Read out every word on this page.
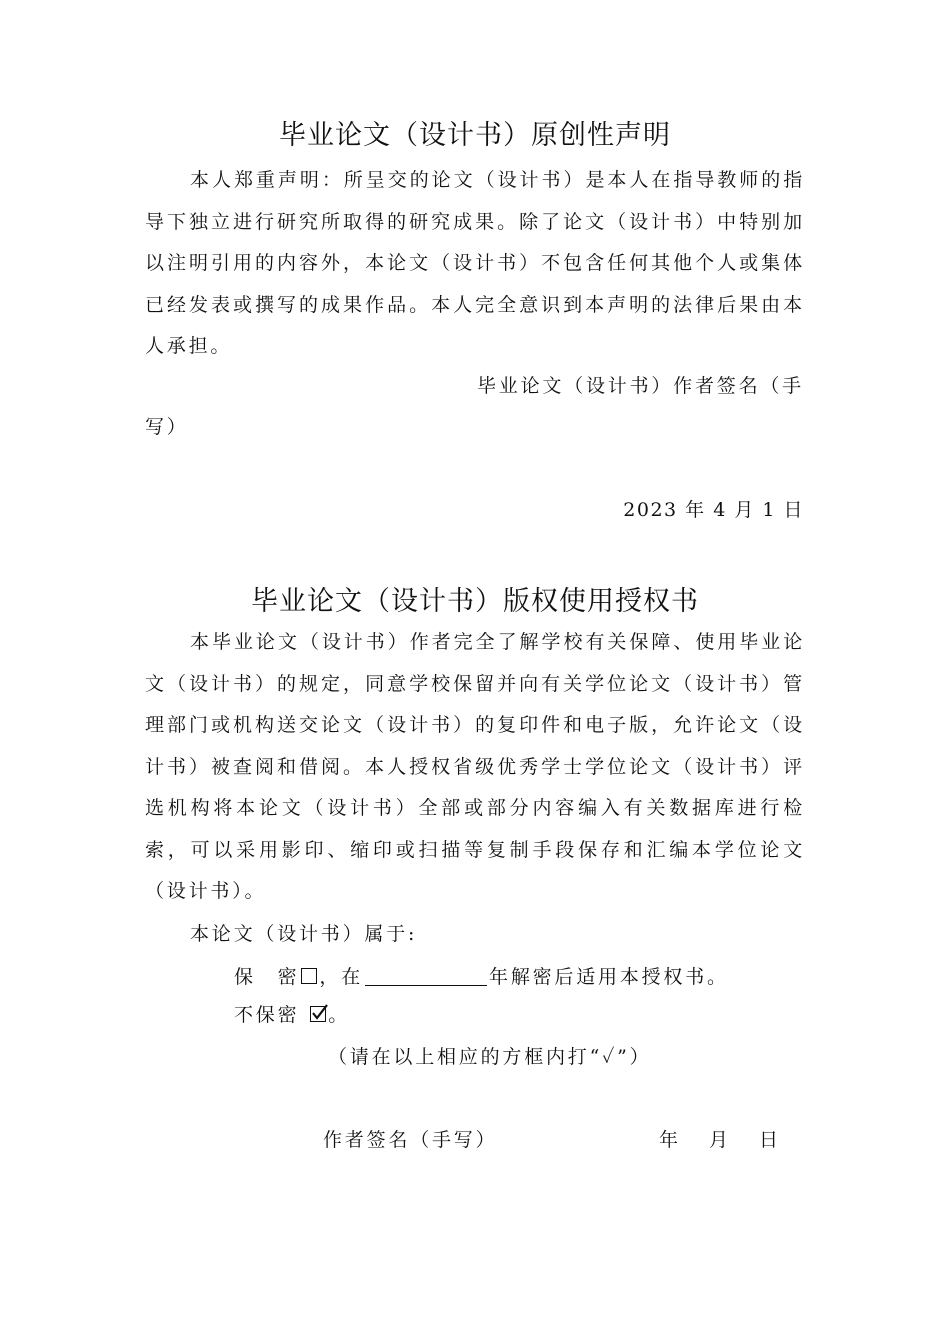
毕业论文（设计书）原创性声明
本人郑重声明：所呈交的论文（设计书）是本人在指导教师的指导下独立进行研究所取得的研究成果。除了论文（设计书）中特别加以注明引用的内容外，本论文（设计书）不包含任何其他个人或集体已经发表或撰写的成果作品。本人完全意识到本声明的法律后果由本人承担。
毕业论文（设计书）作者签名（手
写）
2023 年 4 月 1 日
毕业论文（设计书）版权使用授权书
本毕业论文（设计书）作者完全了解学校有关保障、使用毕业论文（设计书）的规定，同意学校保留并向有关学位论文（设计书）管理部门或机构送交论文（设计书）的复印件和电子版，允许论文（设计书）被查阅和借阅。本人授权省级优秀学士学位论文（设计书）评选机构将本论文（设计书）全部或部分内容编入有关数据库进行检索，可以采用影印、缩印或扫描等复制手段保存和汇编本学位论文（设计书）。
本论文（设计书）属于:
保　密 ，在	年解密后适用本授权书。
不保密 。
（请在以上相应的方框内打“✓”）
作者签名（手写）	年　月　日
